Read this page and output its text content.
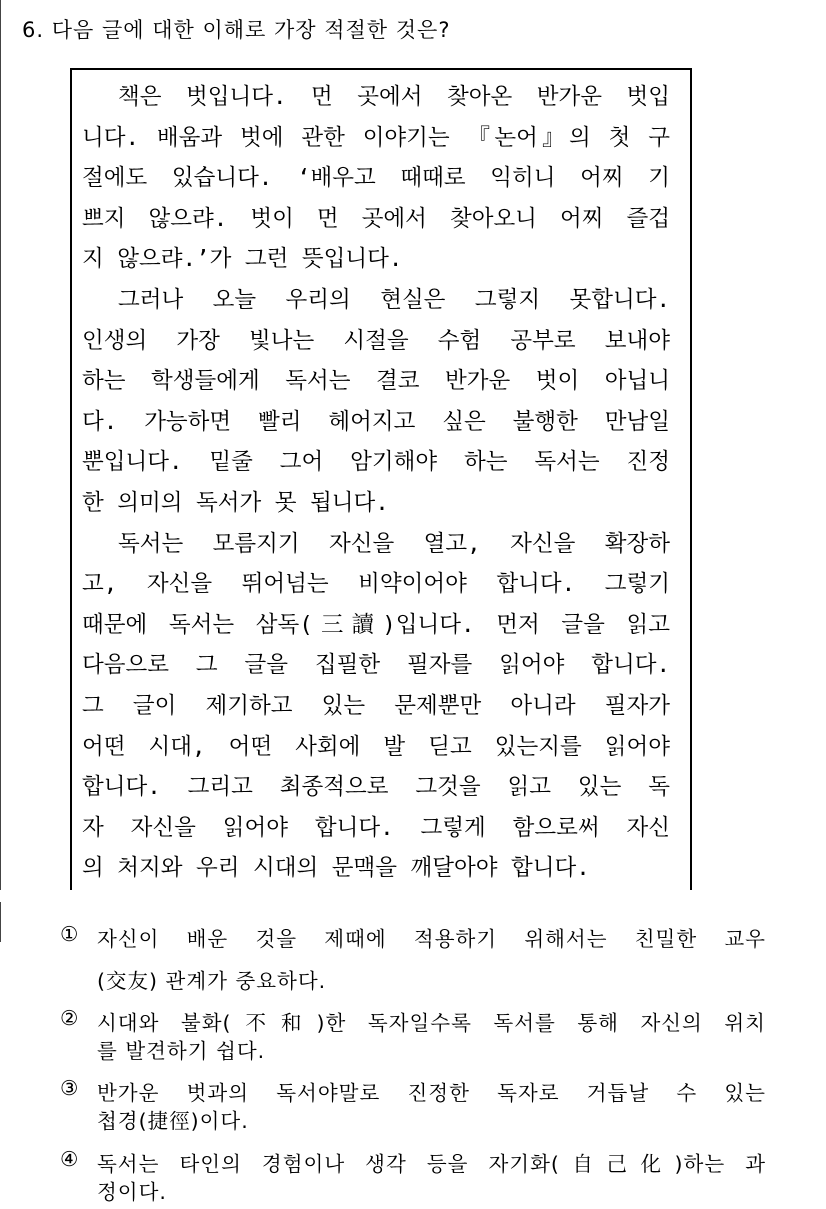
6. 다음 글에 대한 이해로 가장 적절한 것은?
책은 벗입니다. 먼 곳에서 찾아온 반가운 벗입
니다. 배움과 벗에 관한 이야기는 『논어』의 첫 구
절에도 있습니다. ‘배우고 때때로 익히니 어찌 기
쁘지 않으랴. 벗이 먼 곳에서 찾아오니 어찌 즐겁
지 않으랴.’가 그런 뜻입니다.
그러나 오늘 우리의 현실은 그렇지 못합니다.
인생의 가장 빛나는 시절을 수험 공부로 보내야
하는 학생들에게 독서는 결코 반가운 벗이 아닙니
다. 가능하면 빨리 헤어지고 싶은 불행한 만남일
뿐입니다. 밑줄 그어 암기해야 하는 독서는 진정
한 의미의 독서가 못 됩니다.
독서는 모름지기 자신을 열고, 자신을 확장하
고, 자신을 뛰어넘는 비약이어야 합니다. 그렇기
때문에 독서는 삼독(三讀)입니다. 먼저 글을 읽고
다음으로 그 글을 집필한 필자를 읽어야 합니다.
그 글이 제기하고 있는 문제뿐만 아니라 필자가
어떤 시대, 어떤 사회에 발 딛고 있는지를 읽어야
합니다. 그리고 최종적으로 그것을 읽고 있는 독
자 자신을 읽어야 합니다. 그렇게 함으로써 자신
① 자신이 배운 것을 제때에 적용하기 위해서는 친밀한 교우
(交友) 관계가 중요하다.
② 시대와 불화(不和)한 독자일수록 독서를 통해 자신의 위치
를 발견하기 쉽다.
③ 반가운 벗과의 독서야말로 진정한 독자로 거듭날 수 있는
첩경(捷徑)이다.
④ 독서는 타인의 경험이나 생각 등을 자기화(自己化)하는 과
정이다.
의 처지와 우리 시대의 문맥을 깨달아야 합니다.
